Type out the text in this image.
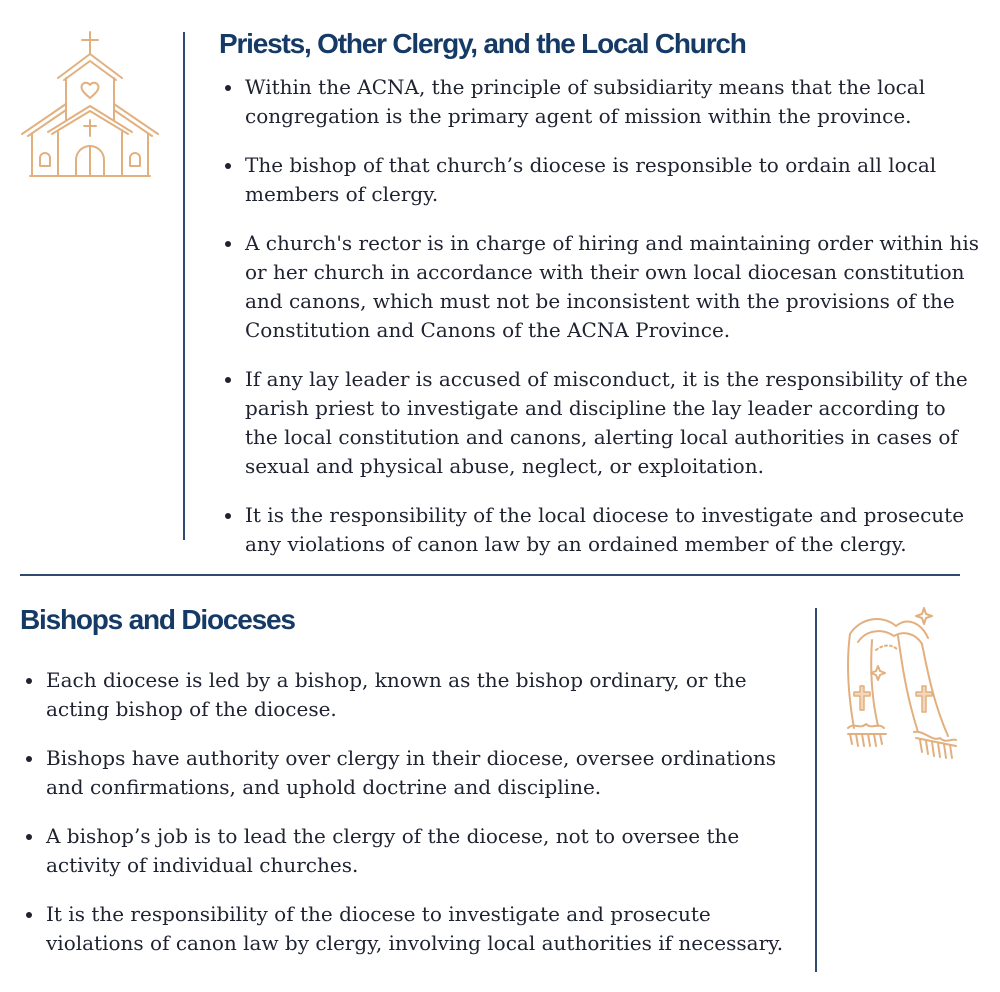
Priests, Other Clergy, and the Local Church
Within the ACNA, the principle of subsidiarity means that the local congregation is the primary agent of mission within the province.
The bishop of that church’s diocese is responsible to ordain all local members of clergy.
A church's rector is in charge of hiring and maintaining order within his or her church in accordance with their own local diocesan constitution and canons, which must not be inconsistent with the provisions of the Constitution and Canons of the ACNA Province.
If any lay leader is accused of misconduct, it is the responsibility of the parish priest to investigate and discipline the lay leader according to the local constitution and canons, alerting local authorities in cases of sexual and physical abuse, neglect, or exploitation.
It is the responsibility of the local diocese to investigate and prosecute any violations of canon law by an ordained member of the clergy.
Bishops and Dioceses
Each diocese is led by a bishop, known as the bishop ordinary, or the acting bishop of the diocese.
Bishops have authority over clergy in their diocese, oversee ordinations and confirmations, and uphold doctrine and discipline.
A bishop’s job is to lead the clergy of the diocese, not to oversee the activity of individual churches.
It is the responsibility of the diocese to investigate and prosecute violations of canon law by clergy, involving local authorities if necessary.
